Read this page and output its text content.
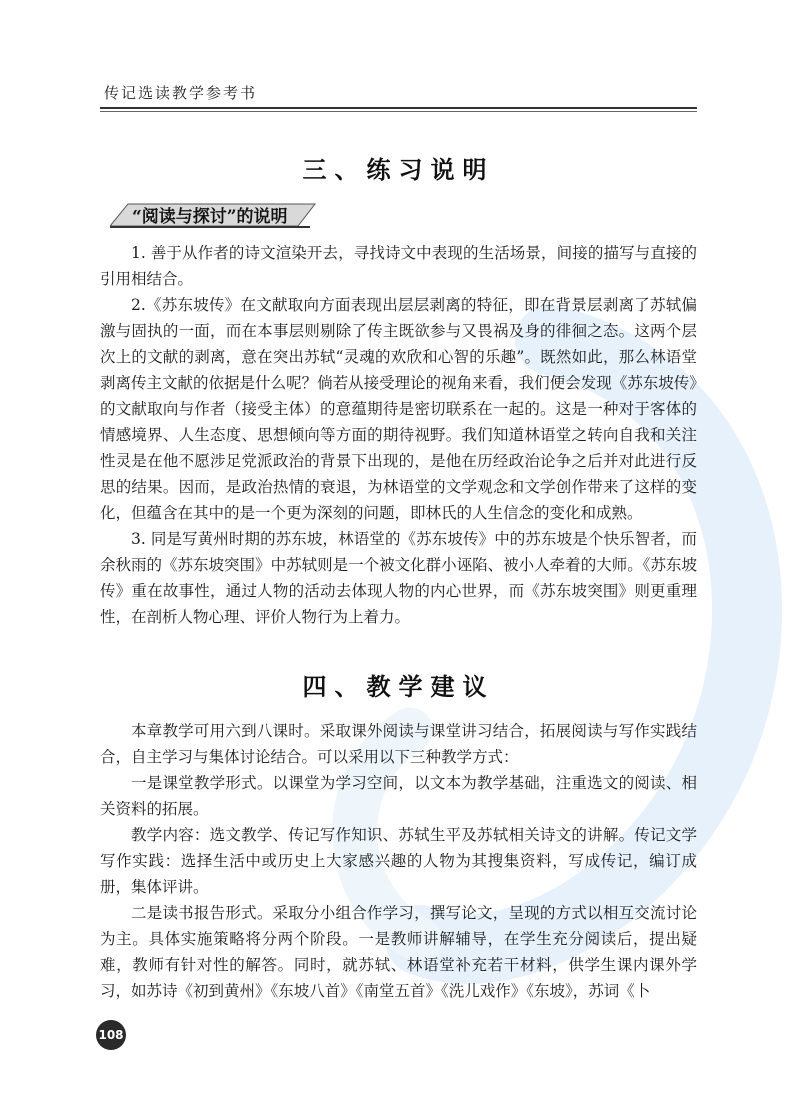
传记选读教学参考书
三、练习说明
“阅读与探讨”的说明

1. 善于从作者的诗文渲染开去，寻找诗文中表现的生活场景，间接的描写与直接的引用相结合。

2.《苏东坡传》在文献取向方面表现出层层剥离的特征，即在背景层剥离了苏轼偏激与固执的一面，而在本事层则剔除了传主既欲参与又畏祸及身的徘徊之态。这两个层次上的文献的剥离，意在突出苏轼“灵魂的欢欣和心智的乐趣”。既然如此，那么林语堂剥离传主文献的依据是什么呢？倘若从接受理论的视角来看，我们便会发现《苏东坡传》的文献取向与作者（接受主体）的意蕴期待是密切联系在一起的。这是一种对于客体的情感境界、人生态度、思想倾向等方面的期待视野。我们知道林语堂之转向自我和关注性灵是在他不愿涉足党派政治的背景下出现的，是他在历经政治论争之后并对此进行反思的结果。因而，是政治热情的衰退，为林语堂的文学观念和文学创作带来了这样的变化，但蕴含在其中的是一个更为深刻的问题，即林氏的人生信念的变化和成熟。

3. 同是写黄州时期的苏东坡，林语堂的《苏东坡传》中的苏东坡是个快乐智者，而余秋雨的《苏东坡突围》中苏轼则是一个被文化群小诬陷、被小人牵着的大师。《苏东坡传》重在故事性，通过人物的活动去体现人物的内心世界，而《苏东坡突围》则更重理性，在剖析人物心理、评价人物行为上着力。

四、教学建议

本章教学可用六到八课时。采取课外阅读与课堂讲习结合，拓展阅读与写作实践结合，自主学习与集体讨论结合。可以采用以下三种教学方式：

一是课堂教学形式。以课堂为学习空间，以文本为教学基础，注重选文的阅读、相关资料的拓展。

教学内容：选文教学、传记写作知识、苏轼生平及苏轼相关诗文的讲解。传记文学写作实践：选择生活中或历史上大家感兴趣的人物为其搜集资料，写成传记，编订成册，集体评讲。

二是读书报告形式。采取分小组合作学习，撰写论文，呈现的方式以相互交流讨论为主。具体实施策略将分两个阶段。一是教师讲解辅导，在学生充分阅读后，提出疑难，教师有针对性的解答。同时，就苏轼、林语堂补充若干材料，供学生课内课外学习，如苏诗《初到黄州》《东坡八首》《南堂五首》《洗儿戏作》《东坡》，苏词《卜

108
